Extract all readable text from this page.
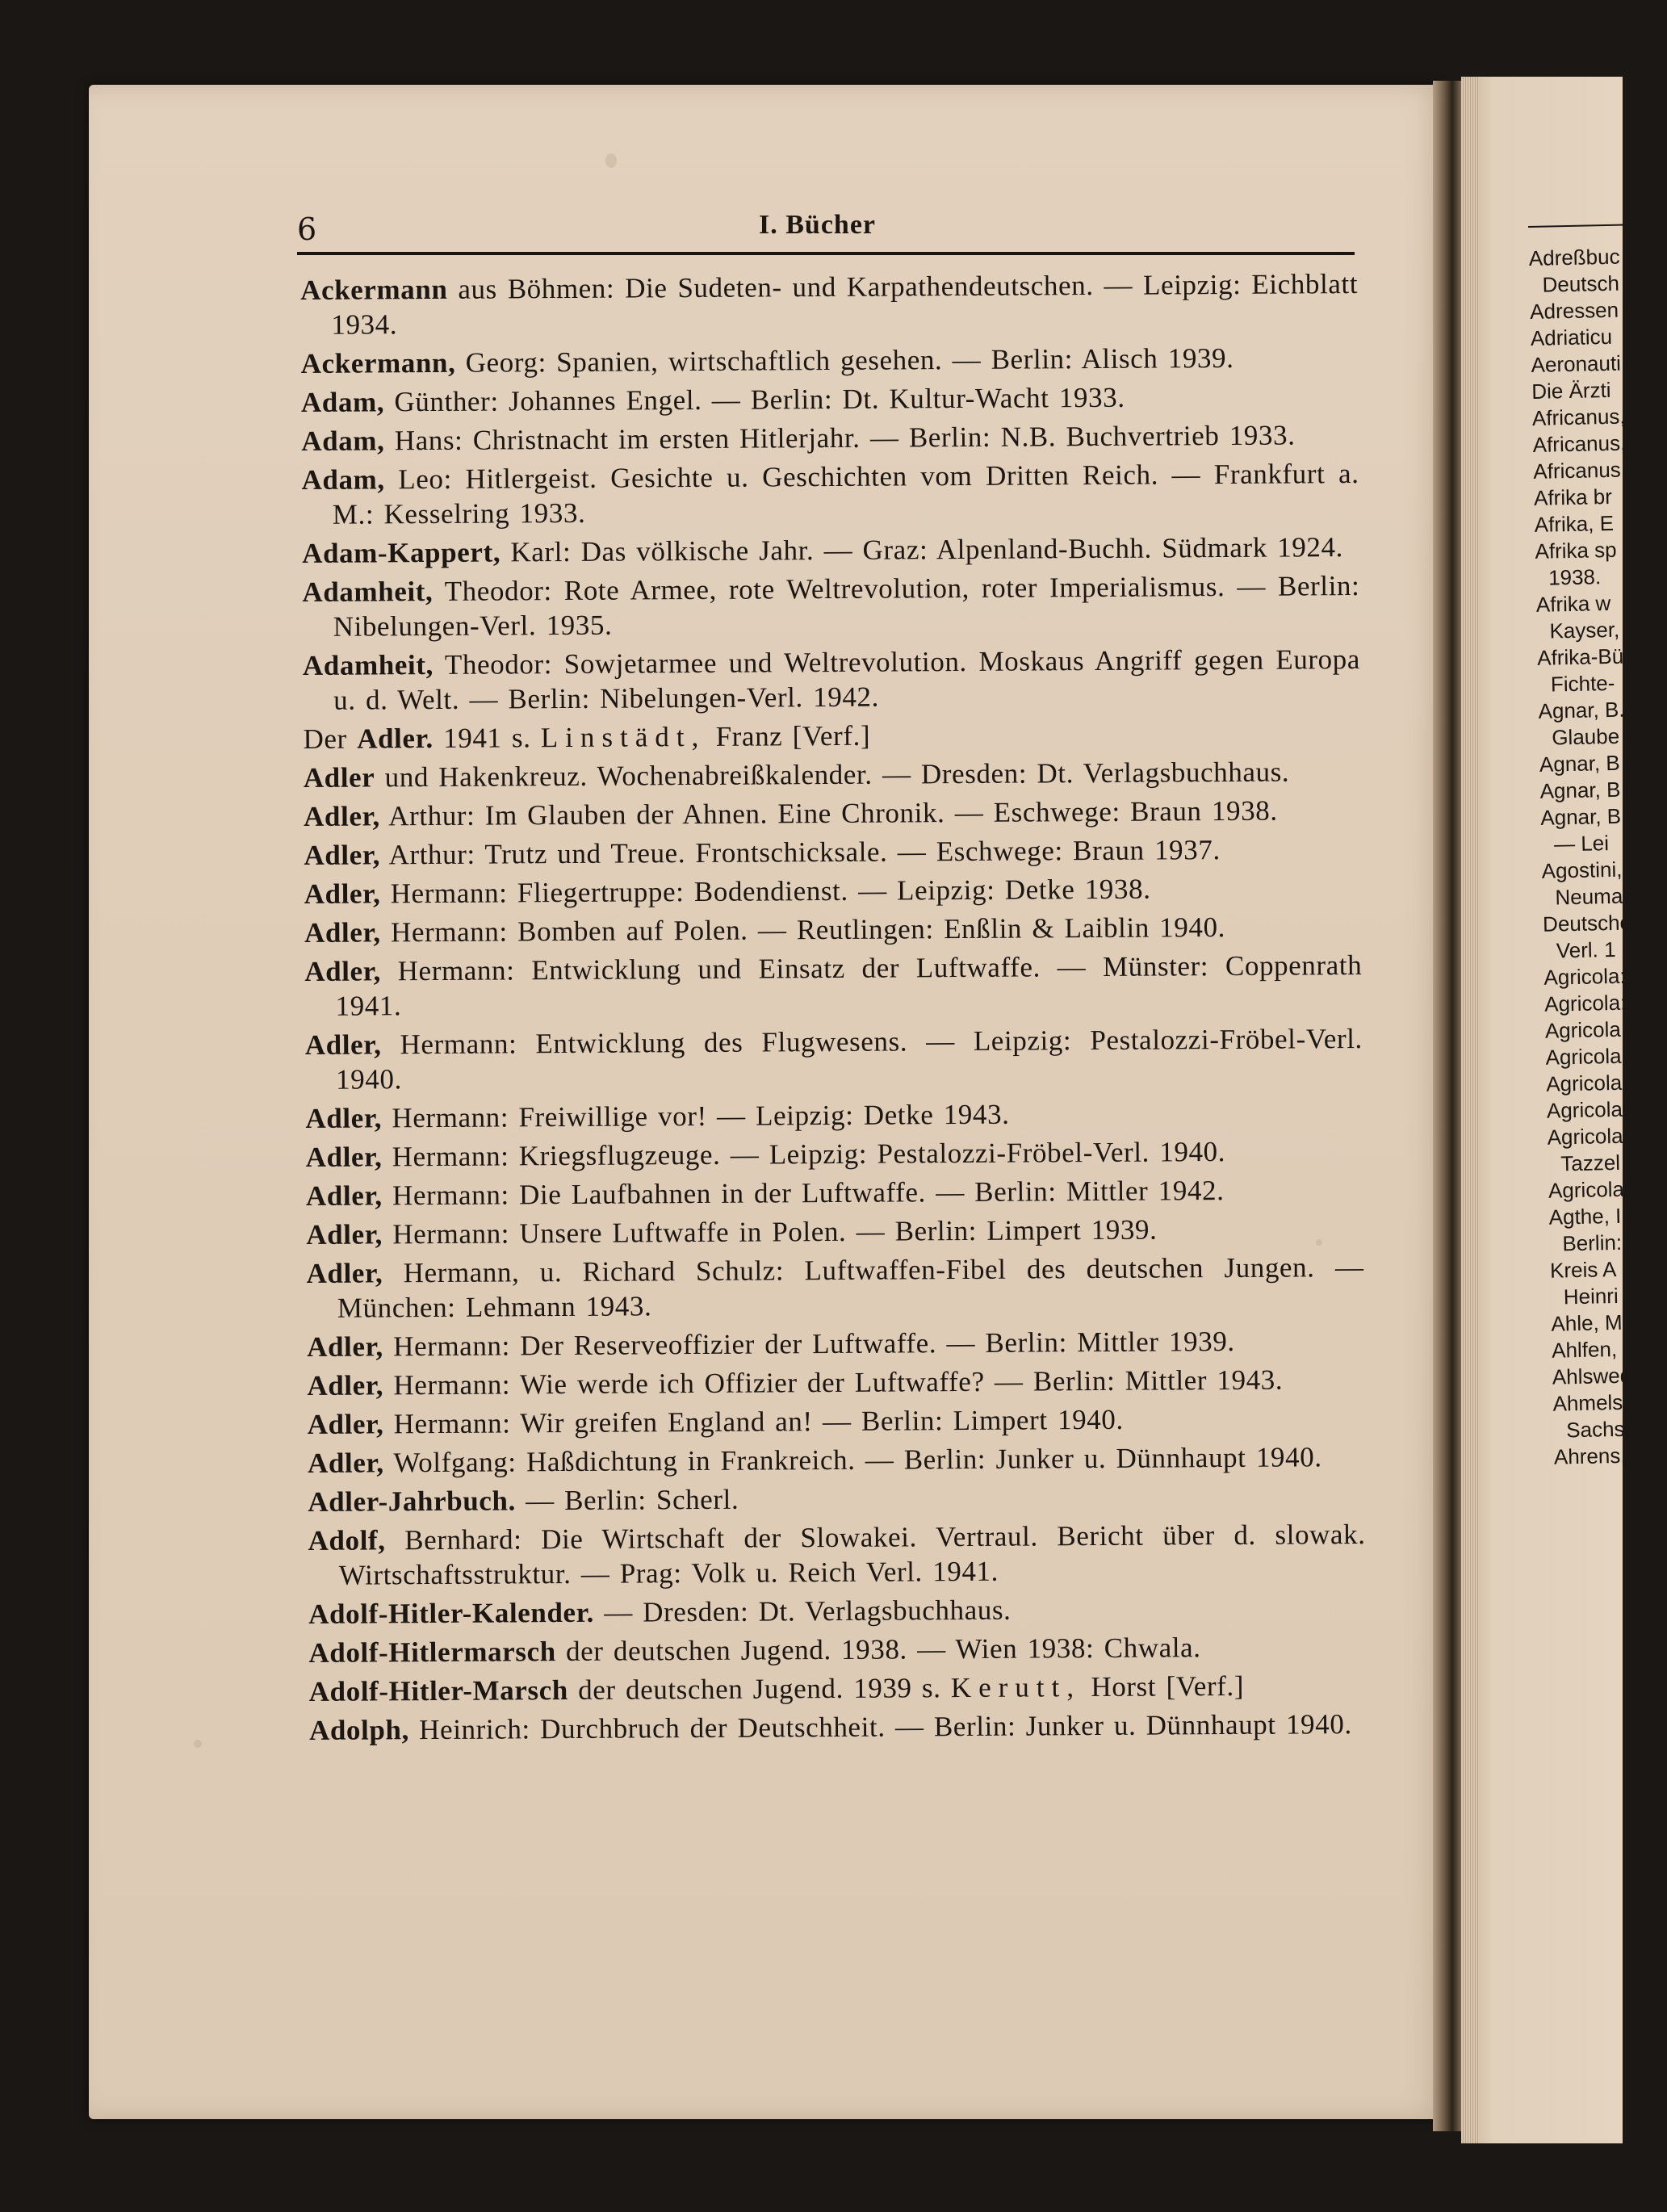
6	I. Bücher
Ackermann aus Böhmen: Die Sudeten- und Karpathendeutschen. — Leipzig: Eichblatt 1934.
Ackermann, Georg: Spanien, wirtschaftlich gesehen. — Berlin: Alisch 1939.
Adam, Günther: Johannes Engel. — Berlin: Dt. Kultur-Wacht 1933.
Adam, Hans: Christnacht im ersten Hitlerjahr. — Berlin: N.B. Buchvertrieb 1933.
Adam, Leo: Hitlergeist. Gesichte u. Geschichten vom Dritten Reich. — Frankfurt a. M.: Kesselring 1933.
Adam-Kappert, Karl: Das völkische Jahr. — Graz: Alpenland-Buchh. Südmark 1924.
Adamheit, Theodor: Rote Armee, rote Weltrevolution, roter Imperialismus. — Berlin: Nibelungen-Verl. 1935.
Adamheit, Theodor: Sowjetarmee und Weltrevolution. Moskaus Angriff gegen Europa u. d. Welt. — Berlin: Nibelungen-Verl. 1942.
Der Adler. 1941 s. Linstädt, Franz [Verf.]
Adler und Hakenkreuz. Wochenabreißkalender. — Dresden: Dt. Verlagsbuchhaus.
Adler, Arthur: Im Glauben der Ahnen. Eine Chronik. — Eschwege: Braun 1938.
Adler, Arthur: Trutz und Treue. Frontschicksale. — Eschwege: Braun 1937.
Adler, Hermann: Fliegertruppe: Bodendienst. — Leipzig: Detke 1938.
Adler, Hermann: Bomben auf Polen. — Reutlingen: Enßlin & Laiblin 1940.
Adler, Hermann: Entwicklung und Einsatz der Luftwaffe. — Münster: Coppenrath 1941.
Adler, Hermann: Entwicklung des Flugwesens. — Leipzig: Pestalozzi-Fröbel-Verl. 1940.
Adler, Hermann: Freiwillige vor! — Leipzig: Detke 1943.
Adler, Hermann: Kriegsflugzeuge. — Leipzig: Pestalozzi-Fröbel-Verl. 1940.
Adler, Hermann: Die Laufbahnen in der Luftwaffe. — Berlin: Mittler 1942.
Adler, Hermann: Unsere Luftwaffe in Polen. — Berlin: Limpert 1939.
Adler, Hermann, u. Richard Schulz: Luftwaffen-Fibel des deutschen Jungen. — München: Lehmann 1943.
Adler, Hermann: Der Reserveoffizier der Luftwaffe. — Berlin: Mittler 1939.
Adler, Hermann: Wie werde ich Offizier der Luftwaffe? — Berlin: Mittler 1943.
Adler, Hermann: Wir greifen England an! — Berlin: Limpert 1940.
Adler, Wolfgang: Haßdichtung in Frankreich. — Berlin: Junker u. Dünnhaupt 1940.
Adler-Jahrbuch. — Berlin: Scherl.
Adolf, Bernhard: Die Wirtschaft der Slowakei. Vertraul. Bericht über d. slowak. Wirtschaftsstruktur. — Prag: Volk u. Reich Verl. 1941.
Adolf-Hitler-Kalender. — Dresden: Dt. Verlagsbuchhaus.
Adolf-Hitlermarsch der deutschen Jugend. 1938. — Wien 1938: Chwala.
Adolf-Hitler-Marsch der deutschen Jugend. 1939 s. Kerutt, Horst [Verf.]
Adolph, Heinrich: Durchbruch der Deutschheit. — Berlin: Junker u. Dünnhaupt 1940.
Adreßbuc
Deutsch
Adressen
Adriaticu
Aeronauti
Die Ärzti
Africanus,
Africanus,
Africanus,
Afrika br
Afrika, E
Afrika sp
1938.
Afrika w
Kayser,
Afrika-Bü
Fichte-
Agnar, B.
Glaube
Agnar, B
Agnar, B
Agnar, B
— Lei
Agostini,
Neuma
Deutsche
Verl. 1
Agricola:
Agricola:
Agricola:
Agricola:
Agricola:
Agricola:
Agricola,
Tazzel
Agricola.
Agthe, I
Berlin:
Kreis A
Heinri
Ahle, M
Ahlfen,
Ahlswed
Ahmels,
Sachse
Ahrens,
